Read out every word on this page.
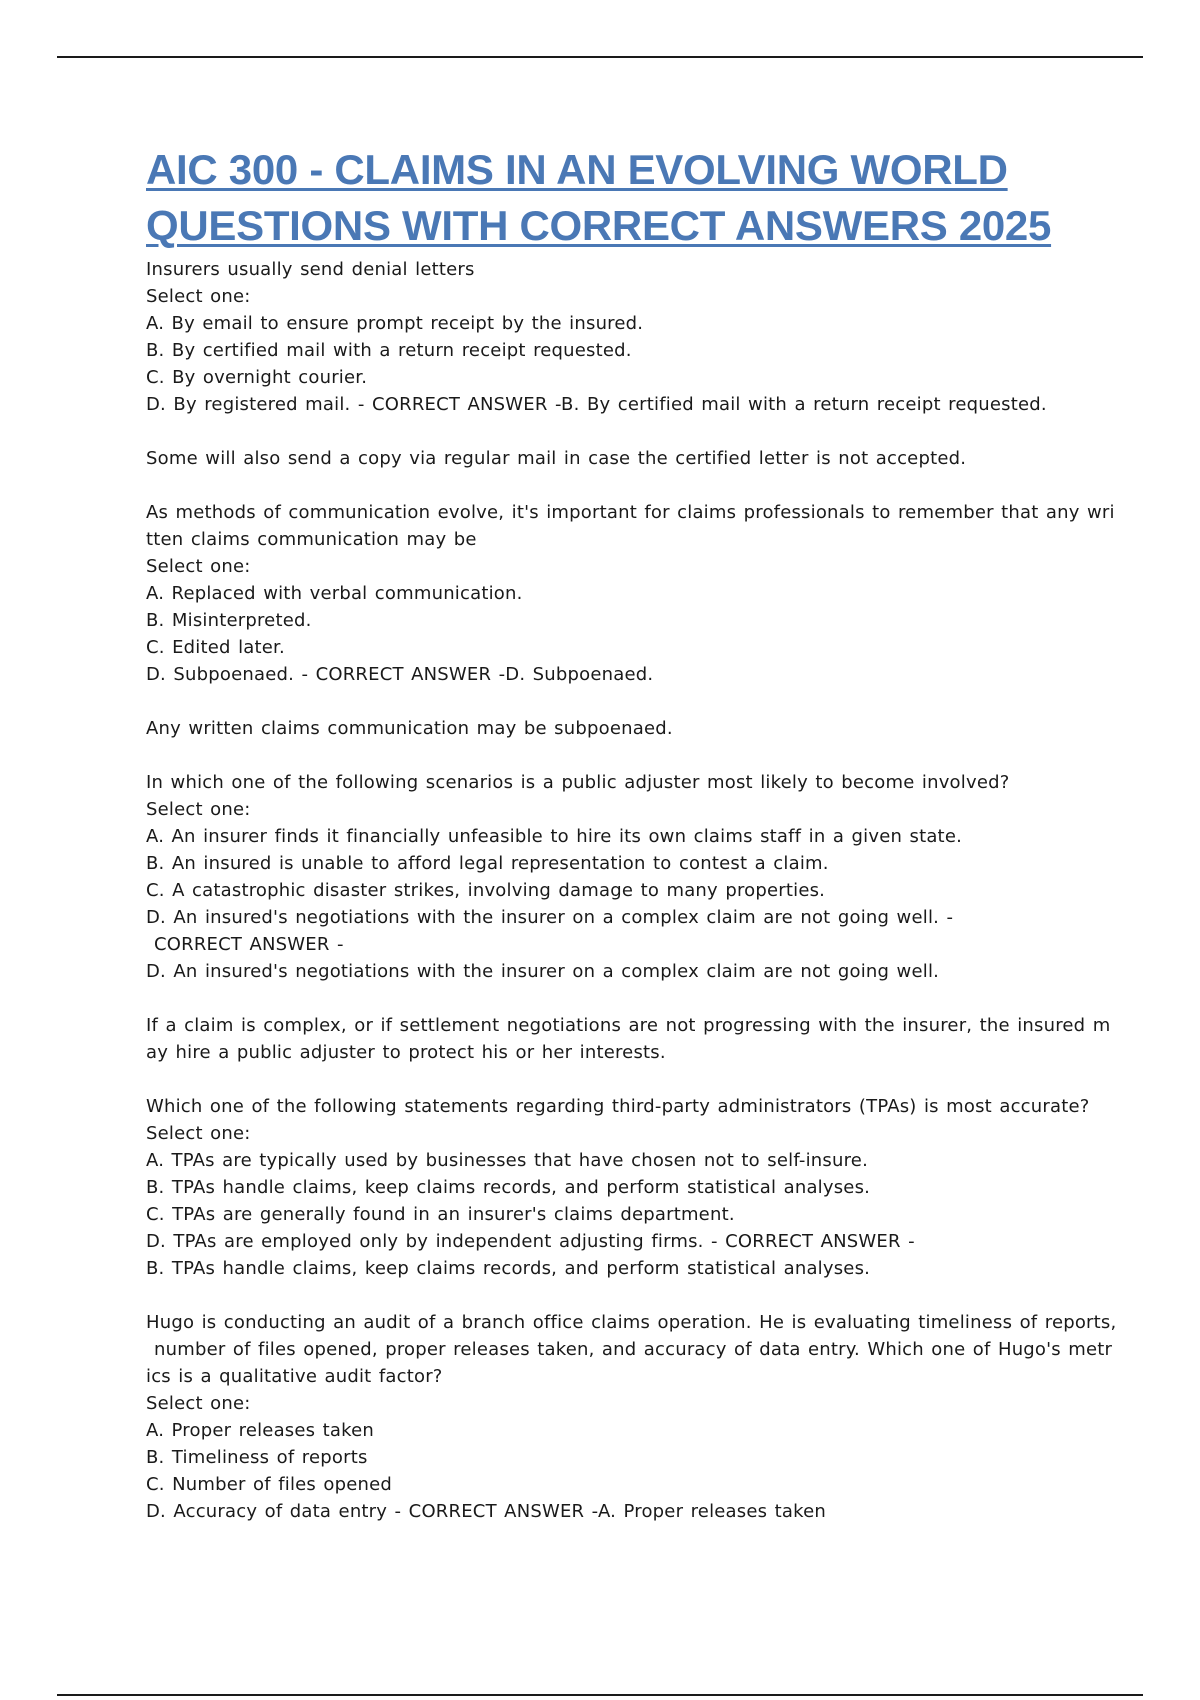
AIC 300 - CLAIMS IN AN EVOLVING WORLD
QUESTIONS WITH CORRECT ANSWERS 2025
Insurers usually send denial letters
Select one:
A. By email to ensure prompt receipt by the insured.
B. By certified mail with a return receipt requested.
C. By overnight courier.
D. By registered mail. - CORRECT ANSWER -B. By certified mail with a return receipt requested.
Some will also send a copy via regular mail in case the certified letter is not accepted.
As methods of communication evolve, it's important for claims professionals to remember that any wri
tten claims communication may be
Select one:
A. Replaced with verbal communication.
B. Misinterpreted.
C. Edited later.
D. Subpoenaed. - CORRECT ANSWER -D. Subpoenaed.
Any written claims communication may be subpoenaed.
In which one of the following scenarios is a public adjuster most likely to become involved?
Select one:
A. An insurer finds it financially unfeasible to hire its own claims staff in a given state.
B. An insured is unable to afford legal representation to contest a claim.
C. A catastrophic disaster strikes, involving damage to many properties.
D. An insured's negotiations with the insurer on a complex claim are not going well. -
CORRECT ANSWER -
D. An insured's negotiations with the insurer on a complex claim are not going well.
If a claim is complex, or if settlement negotiations are not progressing with the insurer, the insured m
ay hire a public adjuster to protect his or her interests.
Which one of the following statements regarding third-party administrators (TPAs) is most accurate?
Select one:
A. TPAs are typically used by businesses that have chosen not to self-insure.
B. TPAs handle claims, keep claims records, and perform statistical analyses.
C. TPAs are generally found in an insurer's claims department.
D. TPAs are employed only by independent adjusting firms. - CORRECT ANSWER -
B. TPAs handle claims, keep claims records, and perform statistical analyses.
Hugo is conducting an audit of a branch office claims operation. He is evaluating timeliness of reports,
number of files opened, proper releases taken, and accuracy of data entry. Which one of Hugo's metr
ics is a qualitative audit factor?
Select one:
A. Proper releases taken
B. Timeliness of reports
C. Number of files opened
D. Accuracy of data entry - CORRECT ANSWER -A. Proper releases taken
